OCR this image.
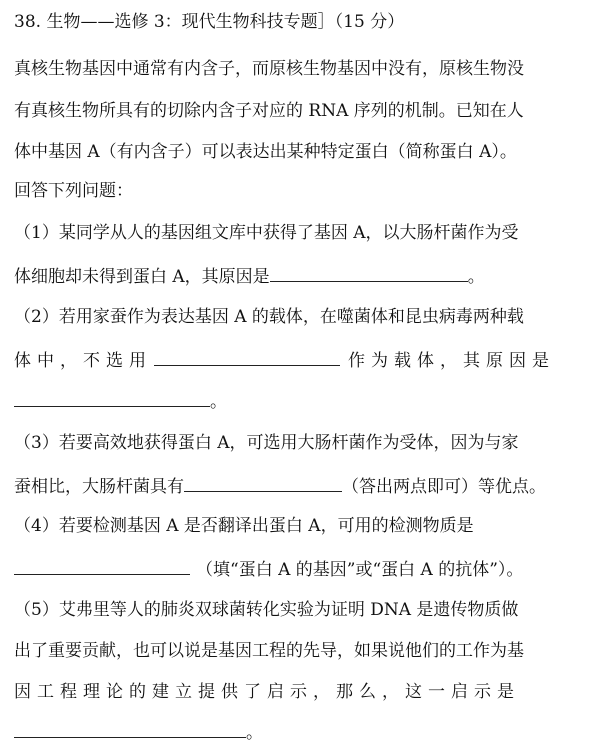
38. 生物——选修 3：现代生物科技专题］（15 分）
真核生物基因中通常有内含子，而原核生物基因中没有，原核生物没
有真核生物所具有的切除内含子对应的 RNA 序列的机制。已知在人
体中基因 A（有内含子）可以表达出某种特定蛋白（简称蛋白 A）。
回答下列问题：
（1）某同学从人的基因组文库中获得了基因 A，以大肠杆菌作为受
体细胞却未得到蛋白 A，其原因是	。
（2）若用家蚕作为表达基因 A 的载体，在噬菌体和昆虫病毒两种载
体中，不选用	作为载体，其原因是
。
（3）若要高效地获得蛋白 A，可选用大肠杆菌作为受体，因为与家
蚕相比，大肠杆菌具有	（答出两点即可）等优点。
（4）若要检测基因 A 是否翻译出蛋白 A，可用的检测物质是
（填“蛋白 A 的基因”或“蛋白 A 的抗体”）。
（5）艾弗里等人的肺炎双球菌转化实验为证明 DNA 是遗传物质做
出了重要贡献，也可以说是基因工程的先导，如果说他们的工作为基
因工程理论的建立提供了启示，那么，这一启示是
。
